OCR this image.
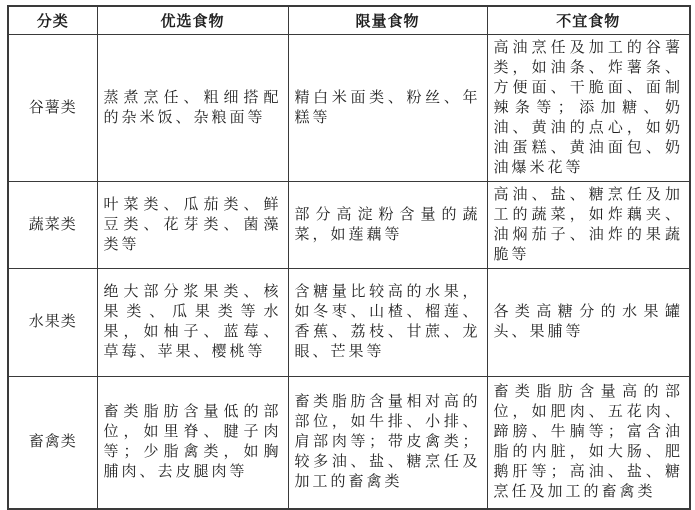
分类	优选食物	限量食物	不宜食物
谷薯类	蒸煮烹任、粗细搭配的杂米饭、杂粮面等	精白米面类、粉丝、年糕等	高油烹任及加工的谷薯类，如油条、炸薯条、方便面、干脆面、面制辣条等；添加糖、奶油、黄油的点心，如奶油蛋糕、黄油面包、奶油爆米花等
蔬菜类	叶菜类、瓜茄类、鲜豆类、花芽类、菌藻类等	部分高淀粉含量的蔬菜，如莲藕等	高油、盐、糖烹任及加工的蔬菜，如炸藕夹、油焖茄子、油炸的果蔬脆等
水果类	绝大部分浆果类、核果类、瓜果类等水果，如柚子、蓝莓、草莓、苹果、樱桃等	含糖量比较高的水果，如冬枣、山楂、榴莲、香蕉、荔枝、甘蔗、龙眼、芒果等	各类高糖分的水果罐头、果脯等
畜禽类	畜类脂肪含量低的部位，如里脊、腱子肉等；少脂禽类，如胸脯肉、去皮腿肉等	畜类脂肪含量相对高的部位，如牛排、小排、肩部肉等；带皮禽类；较多油、盐、糖烹任及加工的畜禽类	畜类脂肪含量高的部位，如肥肉、五花肉、蹄膀、牛腩等；富含油脂的内脏，如大肠、肥鹅肝等；高油、盐、糖烹任及加工的畜禽类
